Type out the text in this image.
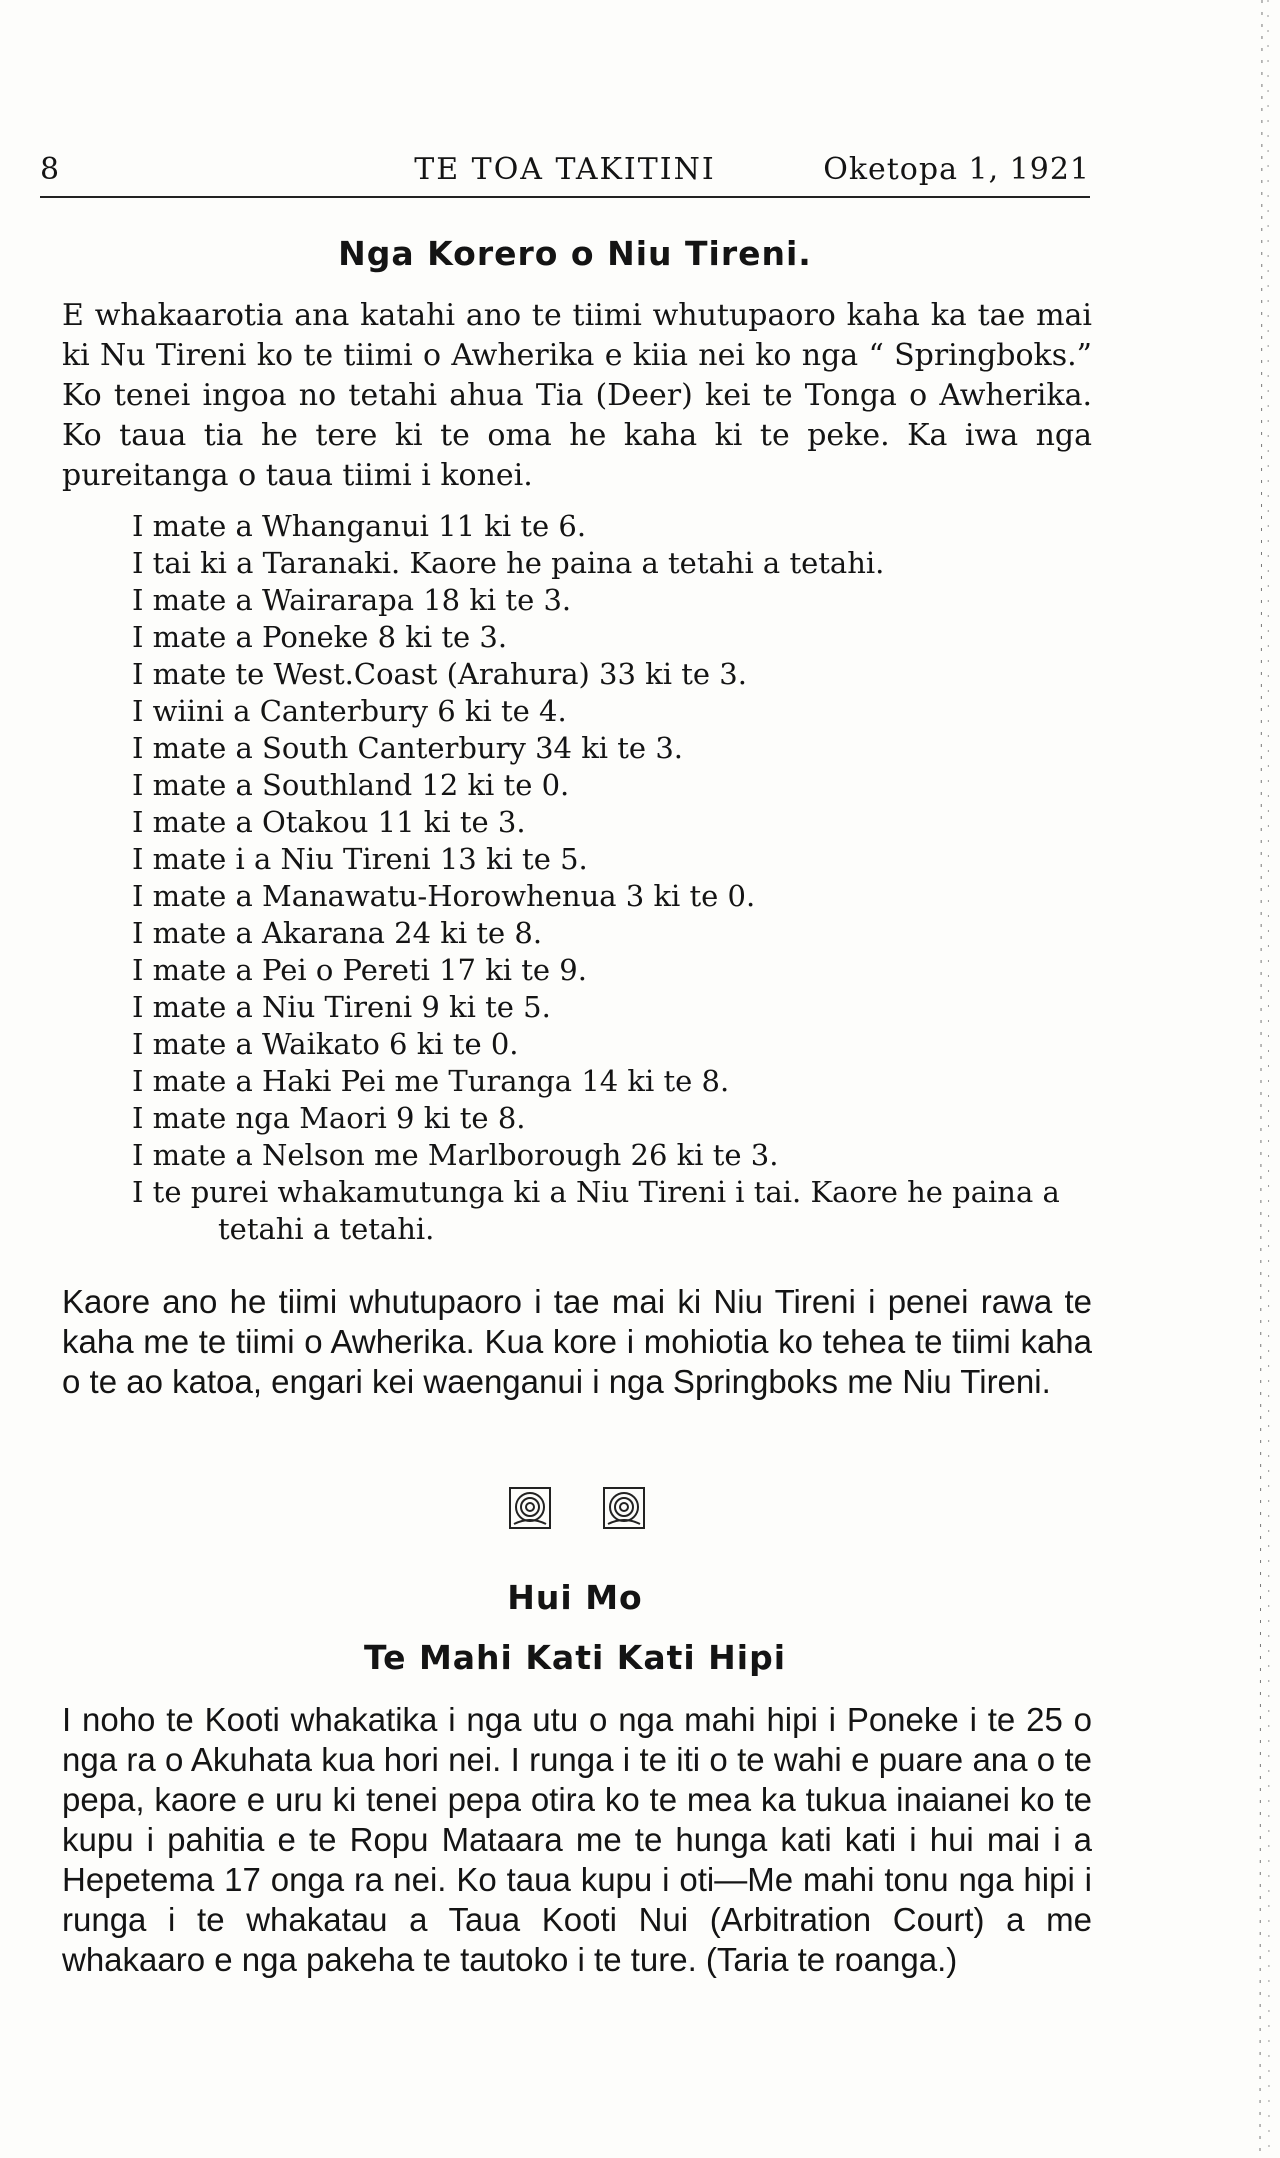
8	TE TOA TAKITINI	Oketopa 1, 1921
Nga Korero o Niu Tireni.

E whakaarotia ana katahi ano te tiimi whutupaoro kaha ka tae mai ki Nu Tireni ko te tiimi o Awherika e kiia nei ko nga “ Springboks.” Ko tenei ingoa no tetahi ahua Tia (Deer) kei te Tonga o Awherika. Ko taua tia he tere ki te oma he kaha ki te peke. Ka iwa nga pureitanga o taua tiimi i konei.

I mate a Whanganui 11 ki te 6.
I tai ki a Taranaki. Kaore he paina a tetahi a tetahi.
I mate a Wairarapa 18 ki te 3.
I mate a Poneke 8 ki te 3.
I mate te West.Coast (Arahura) 33 ki te 3.
I wiini a Canterbury 6 ki te 4.
I mate a South Canterbury 34 ki te 3.
I mate a Southland 12 ki te 0.
I mate a Otakou 11 ki te 3.
I mate i a Niu Tireni 13 ki te 5.
I mate a Manawatu-Horowhenua 3 ki te 0.
I mate a Akarana 24 ki te 8.
I mate a Pei o Pereti 17 ki te 9.
I mate a Niu Tireni 9 ki te 5.
I mate a Waikato 6 ki te 0.
I mate a Haki Pei me Turanga 14 ki te 8.
I mate nga Maori 9 ki te 8.
I mate a Nelson me Marlborough 26 ki te 3.
I te purei whakamutunga ki a Niu Tireni i tai. Kaore he paina a tetahi a tetahi.

Kaore ano he tiimi whutupaoro i tae mai ki Niu Tireni i penei rawa te kaha me te tiimi o Awherika. Kua kore i mohiotia ko tehea te tiimi kaha o te ao katoa, engari kei waenganui i nga Springboks me Niu Tireni.

Hui Mo
Te Mahi Kati Kati Hipi

I noho te Kooti whakatika i nga utu o nga mahi hipi i Poneke i te 25 o nga ra o Akuhata kua hori nei. I runga i te iti o te wahi e puare ana o te pepa, kaore e uru ki tenei pepa otira ko te mea ka tukua inaianei ko te kupu i pahitia e te Ropu Mataara me te hunga kati kati i hui mai i a Hepetema 17 onga ra nei. Ko taua kupu i oti—Me mahi tonu nga hipi i runga i te whakatau a Taua Kooti Nui (Arbitration Court) a me whakaaro e nga pakeha te tautoko i te ture. (Taria te roanga.)
